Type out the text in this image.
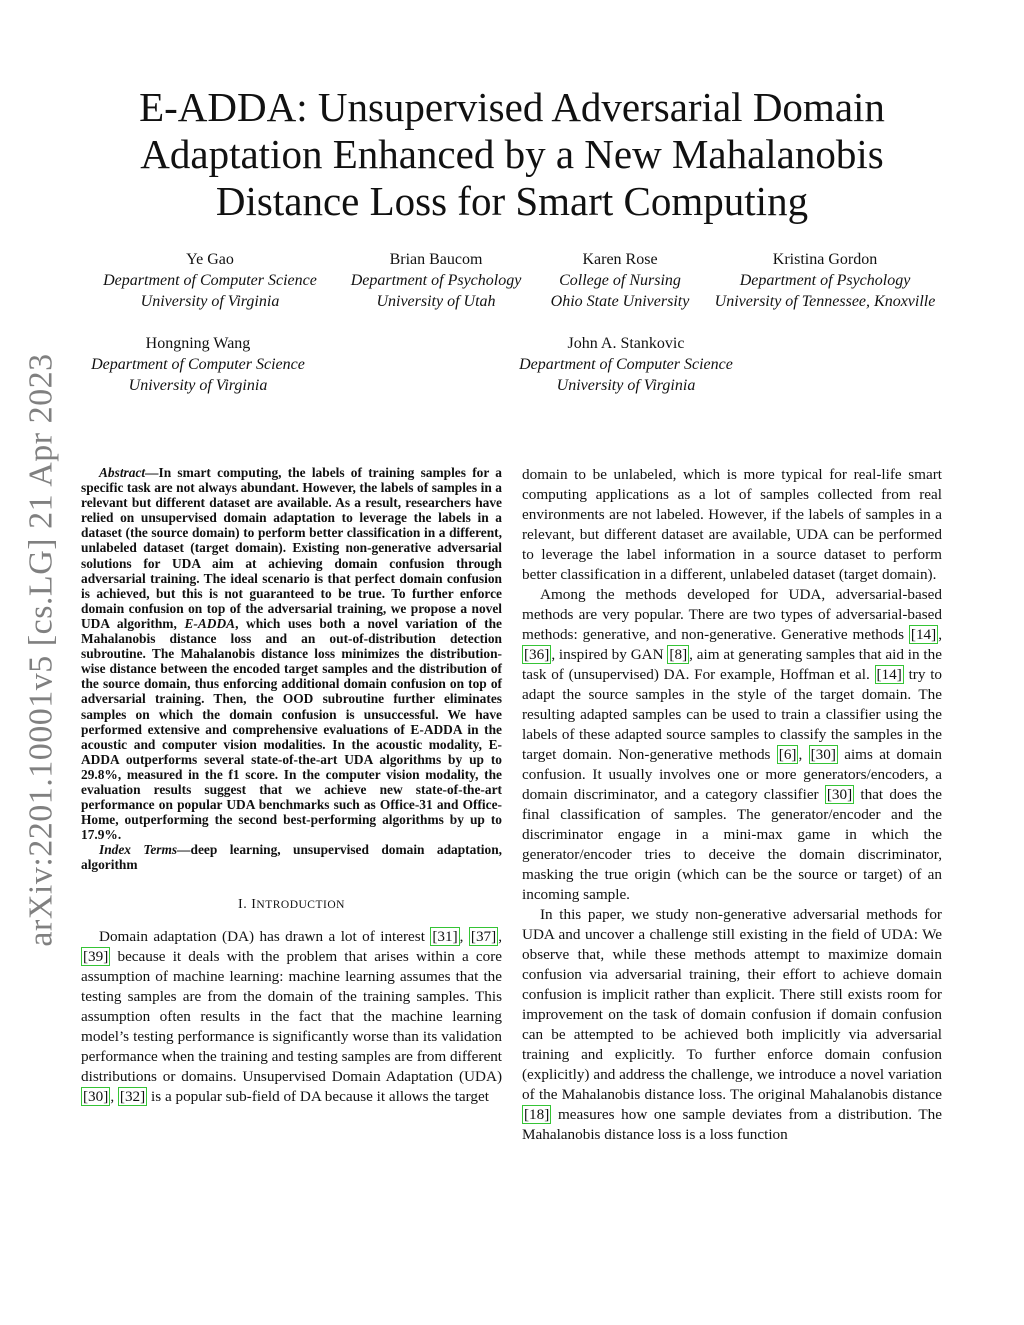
arXiv:2201.10001v5 [cs.LG] 21 Apr 2023
E-ADDA: Unsupervised Adversarial Domain Adaptation Enhanced by a New Mahalanobis Distance Loss for Smart Computing
Ye Gao
Department of Computer Science
University of Virginia
Brian Baucom
Department of Psychology
University of Utah
Karen Rose
College of Nursing
Ohio State University
Kristina Gordon
Department of Psychology
University of Tennessee, Knoxville
Hongning Wang
Department of Computer Science
University of Virginia
John A. Stankovic
Department of Computer Science
University of Virginia

Abstract—In smart computing, the labels of training samples for a specific task are not always abundant. However, the labels of samples in a relevant but different dataset are available. As a result, researchers have relied on unsupervised domain adaptation to leverage the labels in a dataset (the source domain) to perform better classification in a different, unlabeled dataset (target domain). Existing non-generative adversarial solutions for UDA aim at achieving domain confusion through adversarial training. The ideal scenario is that perfect domain confusion is achieved, but this is not guaranteed to be true. To further enforce domain confusion on top of the adversarial training, we propose a novel UDA algorithm, E-ADDA, which uses both a novel variation of the Mahalanobis distance loss and an out-of-distribution detection subroutine. The Mahalanobis distance loss minimizes the distribution-wise distance between the encoded target samples and the distribution of the source domain, thus enforcing additional domain confusion on top of adversarial training. Then, the OOD subroutine further eliminates samples on which the domain confusion is unsuccessful. We have performed extensive and comprehensive evaluations of E-ADDA in the acoustic and computer vision modalities. In the acoustic modality, E-ADDA outperforms several state-of-the-art UDA algorithms by up to 29.8%, measured in the f1 score. In the computer vision modality, the evaluation results suggest that we achieve new state-of-the-art performance on popular UDA benchmarks such as Office-31 and Office-Home, outperforming the second best-performing algorithms by up to 17.9%.

Index Terms—deep learning, unsupervised domain adaptation, algorithm

I. INTRODUCTION

Domain adaptation (DA) has drawn a lot of interest [31] , [37] , [39] because it deals with the problem that arises within a core assumption of machine learning: machine learning assumes that the testing samples are from the domain of the training samples. This assumption often results in the fact that the machine learning model’s testing performance is significantly worse than its validation performance when the training and testing samples are from different distributions or domains. Unsupervised Domain Adaptation (UDA) [30] , [32] is a popular sub-field of DA because it allows the target

domain to be unlabeled, which is more typical for real-life smart computing applications as a lot of samples collected from real environments are not labeled. However, if the labels of samples in a relevant, but different dataset are available, UDA can be performed to leverage the label information in a source dataset to perform better classification in a different, unlabeled dataset (target domain).

Among the methods developed for UDA, adversarial-based methods are very popular. There are two types of adversarial-based methods: generative, and non-generative. Generative methods [14] , [36] , inspired by GAN [8] , aim at generating samples that aid in the task of (unsupervised) DA. For example, Hoffman et al. [14] try to adapt the source samples in the style of the target domain. The resulting adapted samples can be used to train a classifier using the labels of these adapted source samples to classify the samples in the target domain. Non-generative methods [6] , [30] aims at domain confusion. It usually involves one or more generators/encoders, a domain discriminator, and a category classifier [30] that does the final classification of samples. The generator/encoder and the discriminator engage in a mini-max game in which the generator/encoder tries to deceive the domain discriminator, masking the true origin (which can be the source or target) of an incoming sample.

In this paper, we study non-generative adversarial methods for UDA and uncover a challenge still existing in the field of UDA: We observe that, while these methods attempt to maximize domain confusion via adversarial training, their effort to achieve domain confusion is implicit rather than explicit. There still exists room for improvement on the task of domain confusion if domain confusion can be attempted to be achieved both implicitly via adversarial training and explicitly. To further enforce domain confusion (explicitly) and address the challenge, we introduce a novel variation of the Mahalanobis distance loss. The original Mahalanobis distance [18] measures how one sample deviates from a distribution. The Mahalanobis distance loss is a loss function
